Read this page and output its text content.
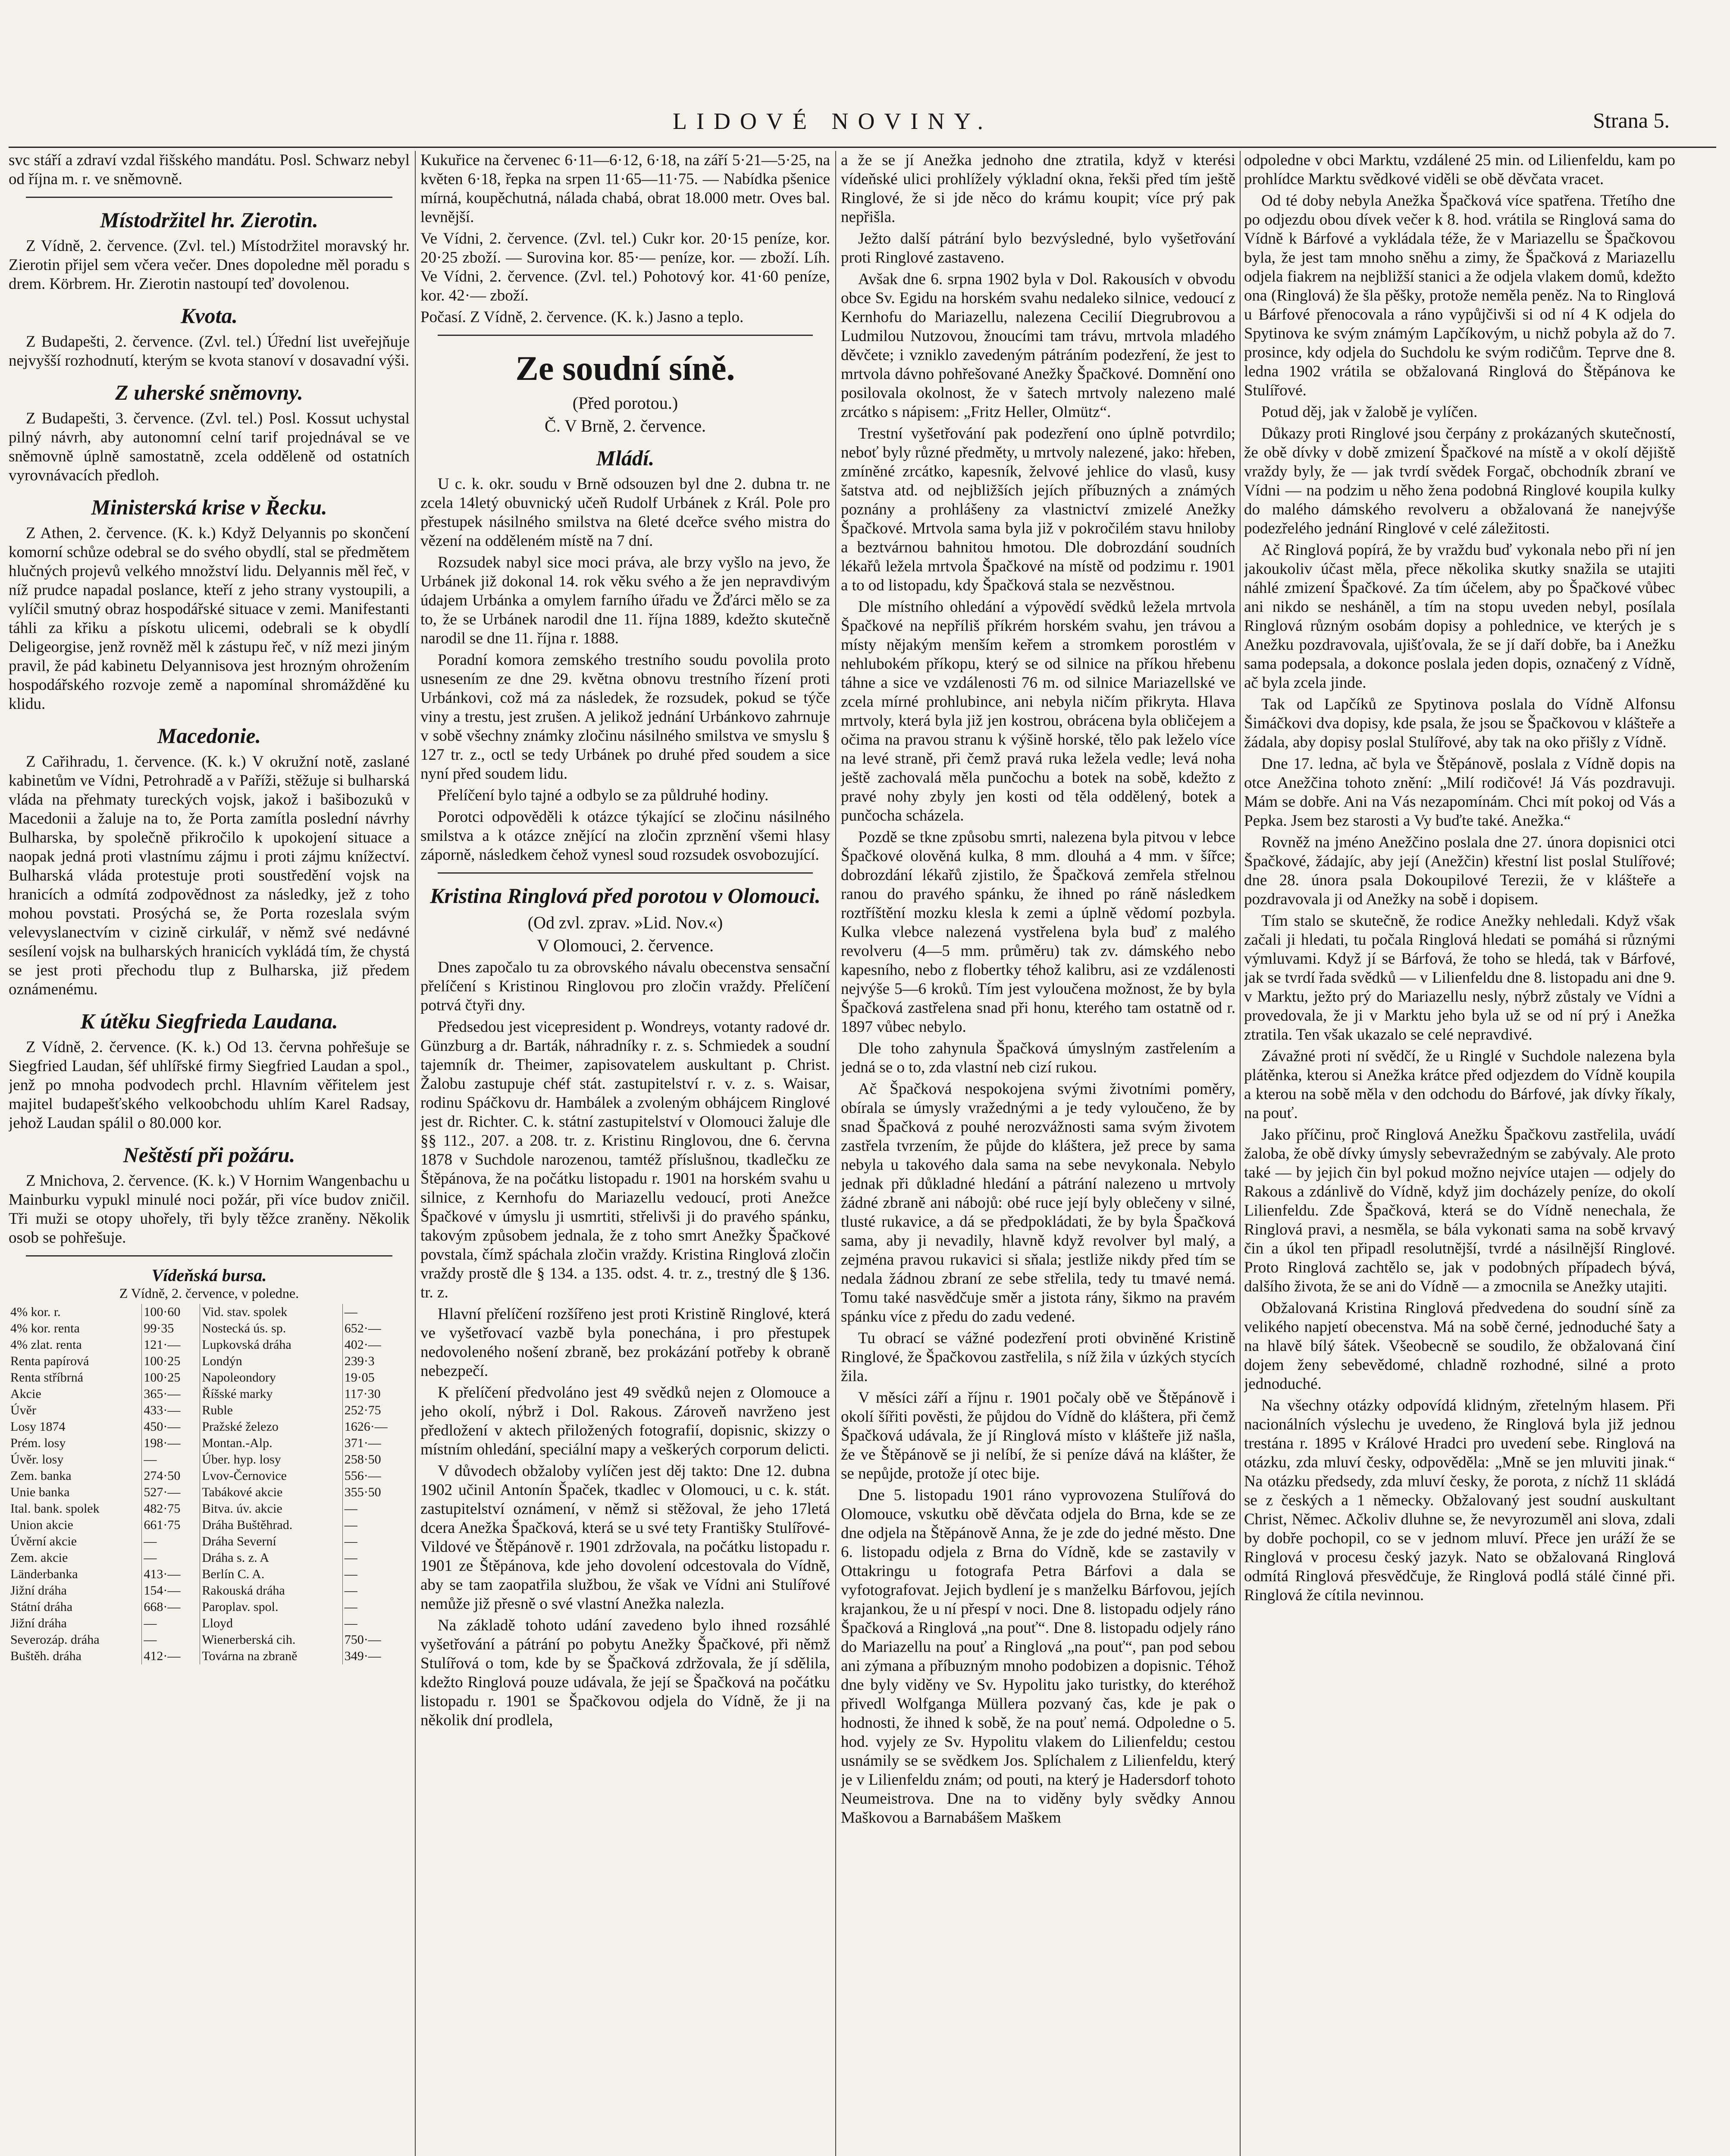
LIDOVÉ NOVINY.	Strana 5.

svc stáří a zdraví vzdal řišského mandátu. Posl. Schwarz nebyl od října m. r. ve sněmovně.

Místodržitel hr. Zierotin.

Z Vídně, 2. července. (Zvl. tel.) Místodržitel moravský hr. Zierotin přijel sem včera večer. Dnes dopoledne měl poradu s drem. Körbrem. Hr. Zierotin nastoupí teď dovolenou.

Kvota.

Z Budapešti, 2. července. (Zvl. tel.) Úřední list uveřejňuje nejvyšší rozhodnutí, kterým se kvota stanoví v dosavadní výši.

Z uherské sněmovny.

Z Budapešti, 3. července. (Zvl. tel.) Posl. Kossut uchystal pilný návrh, aby autonomní celní tarif projednával se ve sněmovně úplně samostatně, zcela odděleně od ostatních vyrovnávacích předloh.

Ministerská krise v Řecku.

Z Athen, 2. července. (K. k.) Když Delyannis po skončení komorní schůze odebral se do svého obydlí, stal se předmětem hlučných projevů velkého množství lidu. Delyannis měl řeč, v níž prudce napadal poslance, kteří z jeho strany vystoupili, a vylíčil smutný obraz hospodářské situace v zemi. Manifestanti táhli za křiku a pískotu ulicemi, odebrali se k obydlí Deligeorgise, jenž rovněž měl k zástupu řeč, v níž mezi jiným pravil, že pád kabinetu Delyannisova jest hrozným ohrožením hospodářského rozvoje země a napomínal shromážděné ku klidu.

Macedonie.

Z Cařihradu, 1. července. (K. k.) V okružní notě, zaslané kabinetům ve Vídni, Petrohradě a v Paříži, stěžuje si bulharská vláda na přehmaty tureckých vojsk, jakož i bašibozuků v Macedonii a žaluje na to, že Porta zamítla poslední návrhy Bulharska, by společně přikročilo k upokojení situace a naopak jedná proti vlastnímu zájmu i proti zájmu knížectví. Bulharská vláda protestuje proti soustředění vojsk na hranicích a odmítá zodpovědnost za následky, jež z toho mohou povstati. Prosýchá se, že Porta rozeslala svým velevyslanectvím v cizině cirkulář, v němž své nedávné sesílení vojsk na bulharských hranicích vykládá tím, že chystá se jest proti přechodu tlup z Bulharska, již předem oznámenému.

K útěku Siegfrieda Laudana.

Z Vídně, 2. července. (K. k.) Od 13. června pohřešuje se Siegfried Laudan, šéf uhlířské firmy Siegfried Laudan a spol., jenž po mnoha podvodech prchl. Hlavním věřitelem jest majitel budapešťského velkoobchodu uhlím Karel Radsay, jehož Laudan spálil o 80.000 kor.

Neštěstí při požáru.

Z Mnichova, 2. července. (K. k.) V Hornim Wangenbachu u Mainburku vypukl minulé noci požár, při více budov zničil. Tři muži se otopy uhořely, tři byly těžce zraněny. Několik osob se pohřešuje.

Vídeňská bursa.
Z Vídně, 2. července, v poledne.
4% kor. r.	100·60	Vid. stav. spolek	—
4% kor. renta	99·35	Nostecká ús. sp.	652·—
4% zlat. renta	121·—	Lupkovská dráha	402·—
Renta papírová	100·25	Londýn	239·3
Renta stříbrná	100·25	Napoleondory	19·05
Akcie	365·—	Říšské marky	117·30
Úvěr	433·—	Ruble	252·75
Losy 1874	450·—	Pražské železo	1626·—
Prém. losy	198·—	Montan.-Alp.	371·—
Úvěr. losy	—	Úber. hyp. losy	258·50
Zem. banka	274·50	Lvov-Černovice	556·—
Unie banka	527·—	Tabákové akcie	355·50
Ital. bank. spolek	482·75	Bitva. úv. akcie	—
Union akcie	661·75	Dráha Buštěhrad.	—
Úvěrní akcie	—	Dráha Severní	—
Zem. akcie	—	Dráha s. z. A	—
Länderbanka	413·—	Berlín C. A.	—
Jižní dráha	154·—	Rakouská dráha	—
Státní dráha	668·—	Paroplav. spol.	—
Jižní dráha	—	Lloyd	—
Severozáp. dráha	—	Wienerberská cih.	750·—
Buštěh. dráha	412·—	Továrna na zbraně	349·—

Kukuřice na červenec 6·11—6·12, 6·18, na září 5·21—5·25, na květen 6·18, řepka na srpen 11·65—11·75. — Nabídka pšenice mírná, koupěchutná, nálada chabá, obrat 18.000 metr. Oves bal. levnější.

Ve Vídni, 2. července. (Zvl. tel.) Cukr kor. 20·15 peníze, kor. 20·25 zboží. — Surovina kor. 85·— peníze, kor. — zboží. Líh. Ve Vídni, 2. července. (Zvl. tel.) Pohotový kor. 41·60 peníze, kor. 42·— zboží.

Počasí. Z Vídně, 2. července. (K. k.) Jasno a teplo.

Ze soudní síně.
(Před porotou.)
Č. V Brně, 2. července.
Mládí.

U c. k. okr. soudu v Brně odsouzen byl dne 2. dubna tr. ne zcela 14letý obuvnický učeň Rudolf Urbánek z Král. Pole pro přestupek násilného smilstva na 6leté dceřce svého mistra do vězení na odděleném místě na 7 dní.

Rozsudek nabyl sice moci práva, ale brzy vyšlo na jevo, že Urbánek již dokonal 14. rok věku svého a že jen nepravdivým údajem Urbánka a omylem farního úřadu ve Žďárci mělo se za to, že se Urbánek narodil dne 11. října 1889, kdežto skutečně narodil se dne 11. října r. 1888.

Poradní komora zemského trestního soudu povolila proto usnesením ze dne 29. května obnovu trestního řízení proti Urbánkovi, což má za následek, že rozsudek, pokud se týče viny a trestu, jest zrušen. A jelikož jednání Urbánkovo zahrnuje v sobě všechny známky zločinu násilného smilstva ve smyslu § 127 tr. z., octl se tedy Urbánek po druhé před soudem a sice nyní před soudem lidu.

Přelíčení bylo tajné a odbylo se za půldruhé hodiny.

Porotci odpověděli k otázce týkající se zločinu násilného smilstva a k otázce znějící na zločin zprznění všemi hlasy záporně, následkem čehož vynesl soud rozsudek osvobozující.

Kristina Ringlová před porotou v Olomouci.
(Od zvl. zprav. »Lid. Nov.«)
V Olomouci, 2. července.

Dnes započalo tu za obrovského návalu obecenstva sensační přelíčení s Kristinou Ringlovou pro zločin vraždy. Přelíčení potrvá čtyři dny.

Předsedou jest vicepresident p. Wondreys, votanty radové dr. Günzburg a dr. Barták, náhradníky r. z. s. Schmiedek a soudní tajemník dr. Theimer, zapisovatelem auskultant p. Christ. Žalobu zastupuje chéf stát. zastupitelství r. v. z. s. Waisar, rodinu Spáčkovu dr. Hambálek a zvoleným obhájcem Ringlové jest dr. Richter. C. k. státní zastupitelství v Olomouci žaluje dle §§ 112., 207. a 208. tr. z. Kristinu Ringlovou, dne 6. června 1878 v Suchdole narozenou, tamtéž příslušnou, tkadlečku ze Štěpánova, že na počátku listopadu r. 1901 na horském svahu u silnice, z Kernhofu do Mariazellu vedoucí, proti Anežce Špačkové v úmyslu ji usmrtiti, střelivši ji do pravého spánku, takovým způsobem jednala, že z toho smrt Anežky Špačkové povstala, čímž spáchala zločin vraždy. Kristina Ringlová zločin vraždy prostě dle § 134. a 135. odst. 4. tr. z., trestný dle § 136. tr. z.

Hlavní přelíčení rozšířeno jest proti Kristině Ringlové, která ve vyšetřovací vazbě byla ponechána, i pro přestupek nedovoleného nošení zbraně, bez prokázání potřeby k obraně nebezpečí.

K přelíčení předvoláno jest 49 svědků nejen z Olomouce a jeho okolí, nýbrž i Dol. Rakous. Zároveň navrženo jest předložení v aktech přiložených fotografií, dopisnic, skizzy o místním ohledání, speciální mapy a veškerých corporum delicti.

V důvodech obžaloby vylíčen jest děj takto: Dne 12. dubna 1902 učinil Antonín Špaček, tkadlec v Olomouci, u c. k. stát. zastupitelství oznámení, v němž si stěžoval, že jeho 17letá dcera Anežka Špačková, která se u své tety Františky Stulířové-Vildové ve Štěpánově r. 1901 zdržovala, na počátku listopadu r. 1901 ze Štěpánova, kde jeho dovolení odcestovala do Vídně, aby se tam zaopatřila službou, že však ve Vídni ani Stulířové nemůže již přesně o své vlastní Anežka nalezla.

Na základě tohoto udání zavedeno bylo ihned rozsáhlé vyšetřování a pátrání po pobytu Anežky Špačkové, při němž Stulířová o tom, kde by se Špačková zdržovala, že jí sdělila, kdežto Ringlová pouze udávala, že její se Špačková na počátku listopadu r. 1901 se Špačkovou odjela do Vídně, že ji na několik dní prodlela,

a že se jí Anežka jednoho dne ztratila, když v kterési vídeňské ulici prohlížely výkladní okna, řekši před tím ještě Ringlové, že si jde něco do krámu koupit; více prý pak nepřišla.

Ježto další pátrání bylo bezvýsledné, bylo vyšetřování proti Ringlové zastaveno.

Avšak dne 6. srpna 1902 byla v Dol. Rakousích v obvodu obce Sv. Egidu na horském svahu nedaleko silnice, vedoucí z Kernhofu do Mariazellu, nalezena Cecilií Diegrubrovou a Ludmilou Nutzovou, žnoucími tam trávu, mrtvola mladého děvčete; i vzniklo zavedeným pátráním podezření, že jest to mrtvola dávno pohřešované Anežky Špačkové. Domnění ono posilovala okolnost, že v šatech mrtvoly nalezeno malé zrcátko s nápisem: „Fritz Heller, Olmütz“.

Trestní vyšetřování pak podezření ono úplně potvrdilo; neboť byly různé předměty, u mrtvoly nalezené, jako: hřeben, zmíněné zrcátko, kapesník, želvové jehlice do vlasů, kusy šatstva atd. od nejbližších jejích příbuzných a známých poznány a prohlášeny za vlastnictví zmizelé Anežky Špačkové. Mrtvola sama byla již v pokročilém stavu hniloby a beztvárnou bahnitou hmotou. Dle dobrozdání soudních lékařů ležela mrtvola Špačkové na místě od podzimu r. 1901 a to od listopadu, kdy Špačková stala se nezvěstnou.

Dle místního ohledání a výpovědí svědků ležela mrtvola Špačkové na nepříliš příkrém horském svahu, jen trávou a místy nějakým menším keřem a stromkem porostlém v nehlubokém příkopu, který se od silnice na příkou hřebenu táhne a sice ve vzdálenosti 76 m. od silnice Mariazellské ve zcela mírné prohlubince, ani nebyla ničím přikryta. Hlava mrtvoly, která byla již jen kostrou, obrácena byla obličejem a očima na pravou stranu k výšině horské, tělo pak leželo více na levé straně, při čemž pravá ruka ležela vedle; levá noha ještě zachovalá měla punčochu a botek na sobě, kdežto z pravé nohy zbyly jen kosti od těla oddělený, botek a punčocha scházela.

Pozdě se tkne způsobu smrti, nalezena byla pitvou v lebce Špačkové olověná kulka, 8 mm. dlouhá a 4 mm. v šířce; dobrozdání lékařů zjistilo, že Špačková zemřela střelnou ranou do pravého spánku, že ihned po ráně následkem roztříštění mozku klesla k zemi a úplně vědomí pozbyla. Kulka vlebce nalezená vystřelena byla buď z malého revolveru (4—5 mm. průměru) tak zv. dámského nebo kapesního, nebo z flobertky téhož kalibru, asi ze vzdálenosti nejvýše 5—6 kroků. Tím jest vyloučena možnost, že by byla Špačková zastřelena snad při honu, kterého tam ostatně od r. 1897 vůbec nebylo.

Dle toho zahynula Špačková úmyslným zastřelením a jedná se o to, zda vlastní neb cizí rukou.

Ač Špačková nespokojena svými životními poměry, obírala se úmysly vražednými a je tedy vyloučeno, že by snad Špačková z pouhé nerozvážnosti sama svým životem zastřela tvrzením, že půjde do kláštera, jež prece by sama nebyla u takového dala sama na sebe nevykonala. Nebylo jednak při důkladné hledání a pátrání nalezeno u mrtvoly žádné zbraně ani nábojů: obé ruce její byly oblečeny v silné, tlusté rukavice, a dá se předpokládati, že by byla Špačková sama, aby ji nevadily, hlavně když revolver byl malý, a zejména pravou rukavici si sňala; jestliže nikdy před tím se nedala žádnou zbraní ze sebe střelila, tedy tu tmavé nemá. Tomu také nasvědčuje směr a jistota rány, šikmo na pravém spánku více z předu do zadu vedené.

Tu obrací se vážné podezření proti obviněné Kristině Ringlové, že Špačkovou zastřelila, s níž žila v úzkých stycích žila.

V měsíci září a říjnu r. 1901 počaly obě ve Štěpánově i okolí šířiti pověsti, že půjdou do Vídně do kláštera, při čemž Špačková udávala, že jí Ringlová místo v klášteře již našla, že ve Štěpánově se ji nelíbí, že si peníze dává na klášter, že se nepůjde, protože jí otec bije.

Dne 5. listopadu 1901 ráno vyprovozena Stulířová do Olomouce, vskutku obě děvčata odjela do Brna, kde se ze dne odjela na Štěpánově Anna, že je zde do jedné město. Dne 6. listopadu odjela z Brna do Vídně, kde se zastavily v Ottakringu u fotografa Petra Bárfovi a dala se vyfotografovat. Jejich bydlení je s manželku Bárfovou, jejích krajankou, že u ní přespí v noci. Dne 8. listopadu odjely ráno Špačková a Ringlová „na pouť“. Dne 8. listopadu odjely ráno do Mariazellu na pouť a Ringlová „na pouť“, pan pod sebou ani zýmana a příbuzným mnoho podobizen a dopisnic. Téhož dne byly viděny ve Sv. Hypolitu jako turistky, do kteréhož přivedl Wolfganga Müllera pozvaný čas, kde je pak o hodnosti, že ihned k sobě, že na pouť nemá. Odpoledne o 5. hod. vyjely ze Sv. Hypolitu vlakem do Lilienfeldu; cestou usnámily se se svědkem Jos. Splíchalem z Lilienfeldu, který je v Lilienfeldu znám; od pouti, na který je Hadersdorf tohoto Neumeistrova. Dne na to viděny byly svědky Annou Maškovou a Barnabášem Maškem

odpoledne v obci Marktu, vzdálené 25 min. od Lilienfeldu, kam po prohlídce Marktu svědkové viděli se obě děvčata vracet.

Od té doby nebyla Anežka Špačková více spatřena. Třetího dne po odjezdu obou dívek večer k 8. hod. vrátila se Ringlová sama do Vídně k Bárfové a vykládala téže, že v Mariazellu se Špačkovou byla, že jest tam mnoho sněhu a zimy, že Špačková z Mariazellu odjela fiakrem na nejbližší stanici a že odjela vlakem domů, kdežto ona (Ringlová) že šla pěšky, protože neměla peněz. Na to Ringlová u Bárfové přenocovala a ráno vypůjčivši si od ní 4 K odjela do Spytinova ke svým známým Lapčíkovým, u nichž pobyla až do 7. prosince, kdy odjela do Suchdolu ke svým rodičům. Teprve dne 8. ledna 1902 vrátila se obžalovaná Ringlová do Štěpánova ke Stulířové.

Potud děj, jak v žalobě je vylíčen.

Důkazy proti Ringlové jsou čerpány z prokázaných skutečností, že obě dívky v době zmizení Špačkové na místě a v okolí dějiště vraždy byly, že — jak tvrdí svědek Forgač, obchodník zbraní ve Vídni — na podzim u něho žena podobná Ringlové koupila kulky do malého dámského revolveru a obžalovaná že nanejvýše podezřelého jednání Ringlové v celé záležitosti.

Ač Ringlová popírá, že by vraždu buď vykonala nebo při ní jen jakoukoliv účast měla, přece několika skutky snažila se utajiti náhlé zmizení Špačkové. Za tím účelem, aby po Špačkové vůbec ani nikdo se nesháněl, a tím na stopu uveden nebyl, posílala Ringlová různým osobám dopisy a pohlednice, ve kterých je s Anežku pozdravovala, ujišťovala, že se jí daří dobře, ba i Anežku sama podepsala, a dokonce poslala jeden dopis, označený z Vídně, ač byla zcela jinde.

Tak od Lapčíků ze Spytinova poslala do Vídně Alfonsu Šimáčkovi dva dopisy, kde psala, že jsou se Špačkovou v klášteře a žádala, aby dopisy poslal Stulířové, aby tak na oko přišly z Vídně.

Dne 17. ledna, ač byla ve Štěpánově, poslala z Vídně dopis na otce Anežčina tohoto znění: „Milí rodičové! Já Vás pozdravuji. Mám se dobře. Ani na Vás nezapomínám. Chci mít pokoj od Vás a Pepka. Jsem bez starosti a Vy buďte také. Anežka.“

Rovněž na jméno Anežčino poslala dne 27. února dopisnici otci Špačkové, žádajíc, aby její (Anežčin) křestní list poslal Stulířové; dne 28. února psala Dokoupilové Terezii, že v klášteře a pozdravovala ji od Anežky na sobě i dopisem.

Tím stalo se skutečně, že rodice Anežky nehledali. Když však začali ji hledati, tu počala Ringlová hledati se pomáhá si různými výmluvami. Když jí se Bárfová, že toho se hledá, tak v Bárfové, jak se tvrdí řada svědků — v Lilienfeldu dne 8. listopadu ani dne 9. v Marktu, ježto prý do Mariazellu nesly, nýbrž zůstaly ve Vídni a provedovala, že ji v Marktu jeho byla už se od ní prý i Anežka ztratila. Ten však ukazalo se celé nepravdivé.

Závažné proti ní svědčí, že u Ringlé v Suchdole nalezena byla plátěnka, kterou si Anežka krátce před odjezdem do Vídně koupila a kterou na sobě měla v den odchodu do Bárfové, jak dívky říkaly, na pouť.

Jako příčinu, proč Ringlová Anežku Špačkovu zastřelila, uvádí žaloba, že obě dívky úmysly sebevražedným se zabývaly. Ale proto také — by jejich čin byl pokud možno nejvíce utajen — odjely do Rakous a zdánlivě do Vídně, když jim docházely peníze, do okolí Lilienfeldu. Zde Špačková, která se do Vídně nenechala, že Ringlová pravi, a nesměla, se bála vykonati sama na sobě krvavý čin a úkol ten připadl resolutnější, tvrdé a násilnější Ringlové. Proto Ringlová zachtělo se, jak v podobných případech bývá, dalšího života, že se ani do Vídně — a zmocnila se Anežky utajiti.

Obžalovaná Kristina Ringlová předvedena do soudní síně za velikého napjetí obecenstva. Má na sobě černé, jednoduché šaty a na hlavě bílý šátek. Všeobecně se soudilo, že obžalovaná činí dojem ženy sebevědomé, chladně rozhodné, silné a proto jednoduché.

Na všechny otázky odpovídá klidným, zřetelným hlasem. Při nacionálních výslechu je uvedeno, že Ringlová byla již jednou trestána r. 1895 v Králové Hradci pro uvedení sebe. Ringlová na otázku, zda mluví česky, odpověděla: „Mně se jen mluviti jinak.“ Na otázku předsedy, zda mluví česky, že porota, z níchž 11 skládá se z českých a 1 německy. Obžalovaný jest soudní auskultant Christ, Němec. Ačkoliv dluhne se, že nevyrozuměl ani slova, zdali by dobře pochopil, co se v jednom mluví. Přece jen uráží že se Ringlová v procesu český jazyk. Nato se obžalovaná Ringlová odmítá Ringlová přesvědčuje, že Ringlová podlá stálé činné při. Ringlová že cítila nevinnou.
